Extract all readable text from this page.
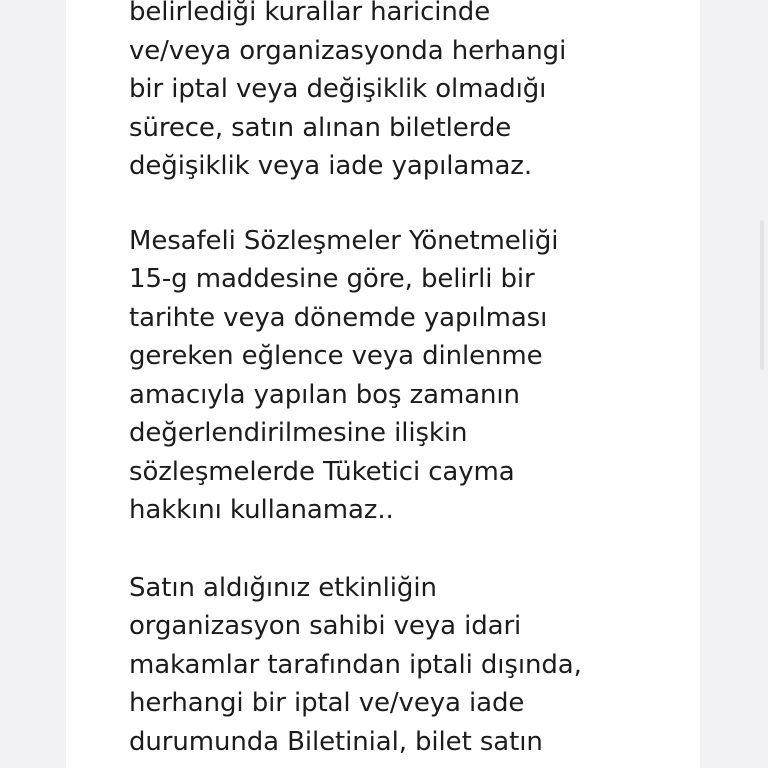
belirlediği kurallar haricinde
ve/veya organizasyonda herhangi
bir iptal veya değişiklik olmadığı
sürece, satın alınan biletlerde
değişiklik veya iade yapılamaz.

Mesafeli Sözleşmeler Yönetmeliği
15-g maddesine göre, belirli bir
tarihte veya dönemde yapılması
gereken eğlence veya dinlenme
amacıyla yapılan boş zamanın
değerlendirilmesine ilişkin
sözleşmelerde Tüketici cayma
hakkını kullanamaz..

Satın aldığınız etkinliğin
organizasyon sahibi veya idari
makamlar tarafından iptali dışında,
herhangi bir iptal ve/veya iade
durumunda Biletinial, bilet satın
